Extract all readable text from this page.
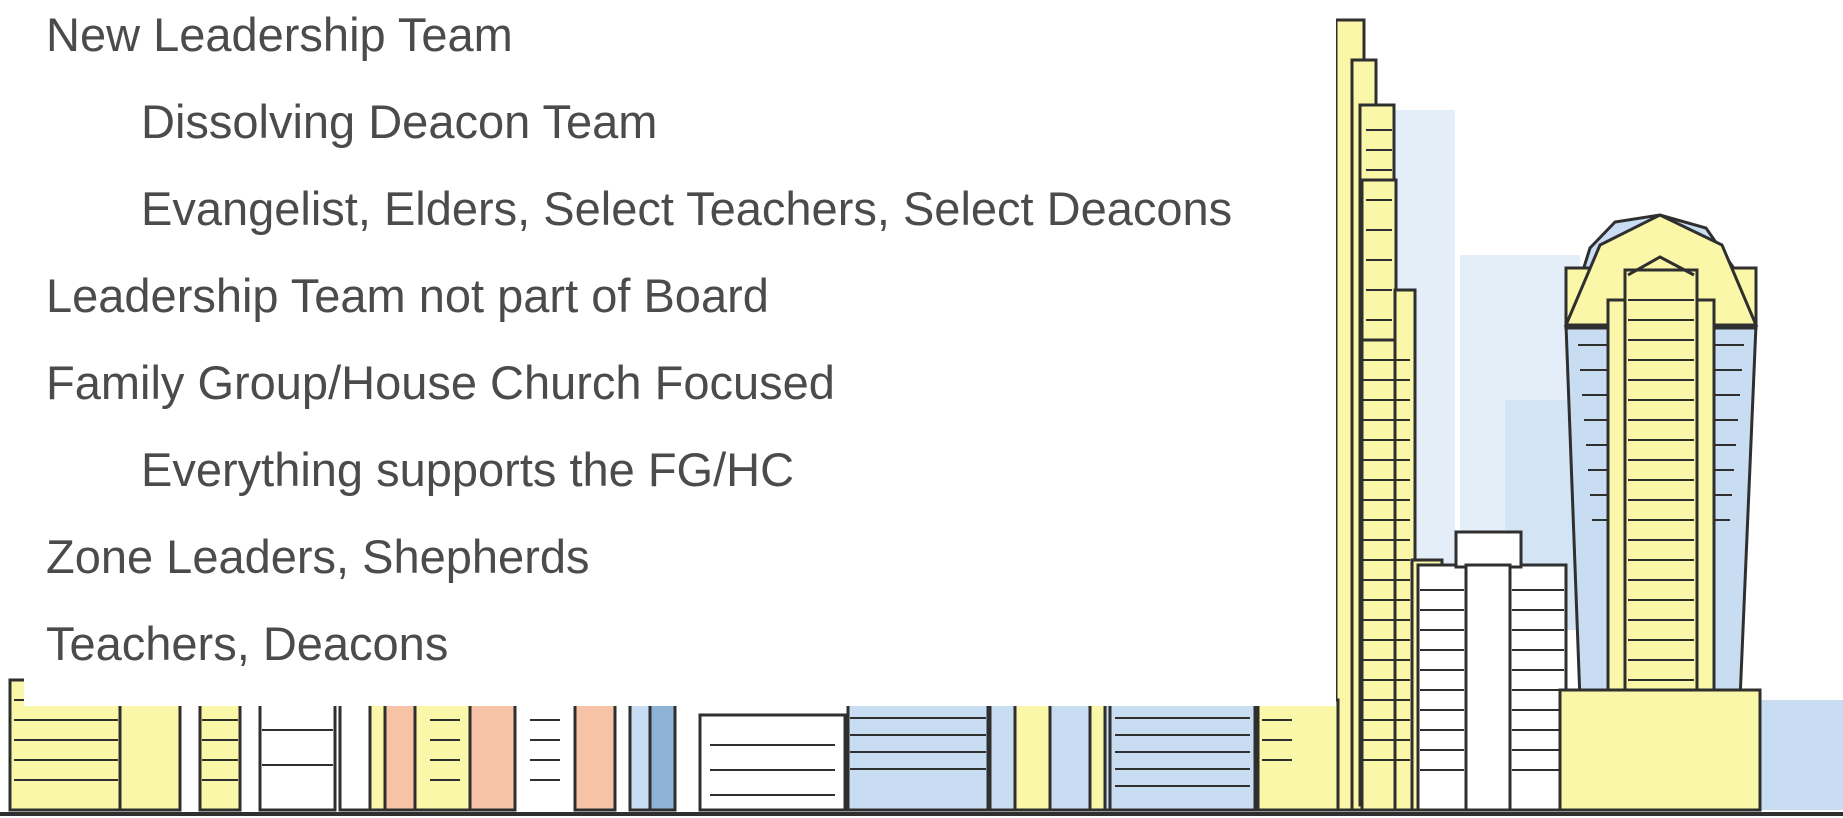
New Leadership Team

Dissolving Deacon Team

Evangelist, Elders, Select Teachers, Select Deacons

Leadership Team not part of Board

Family Group/House Church Focused

Everything supports the FG/HC

Zone Leaders, Shepherds

Teachers, Deacons
